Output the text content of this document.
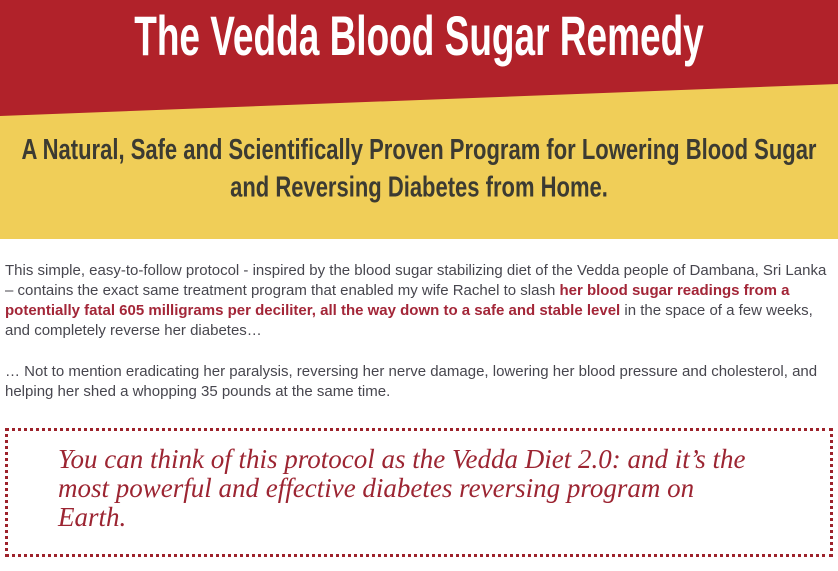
The Vedda Blood Sugar Remedy
A Natural, Safe and Scientifically Proven Program for Lowering Blood Sugar
and Reversing Diabetes from Home.

This simple, easy-to-follow protocol - inspired by the blood sugar stabilizing diet of the Vedda people of Dambana, Sri Lanka – contains the exact same treatment program that enabled my wife Rachel to slash her blood sugar readings from a potentially fatal 605 milligrams per deciliter, all the way down to a safe and stable level in the space of a few weeks, and completely reverse her diabetes…

… Not to mention eradicating her paralysis, reversing her nerve damage, lowering her blood pressure and cholesterol, and helping her shed a whopping 35 pounds at the same time.

You can think of this protocol as the Vedda Diet 2.0: and it’s the most powerful and effective diabetes reversing program on Earth.
